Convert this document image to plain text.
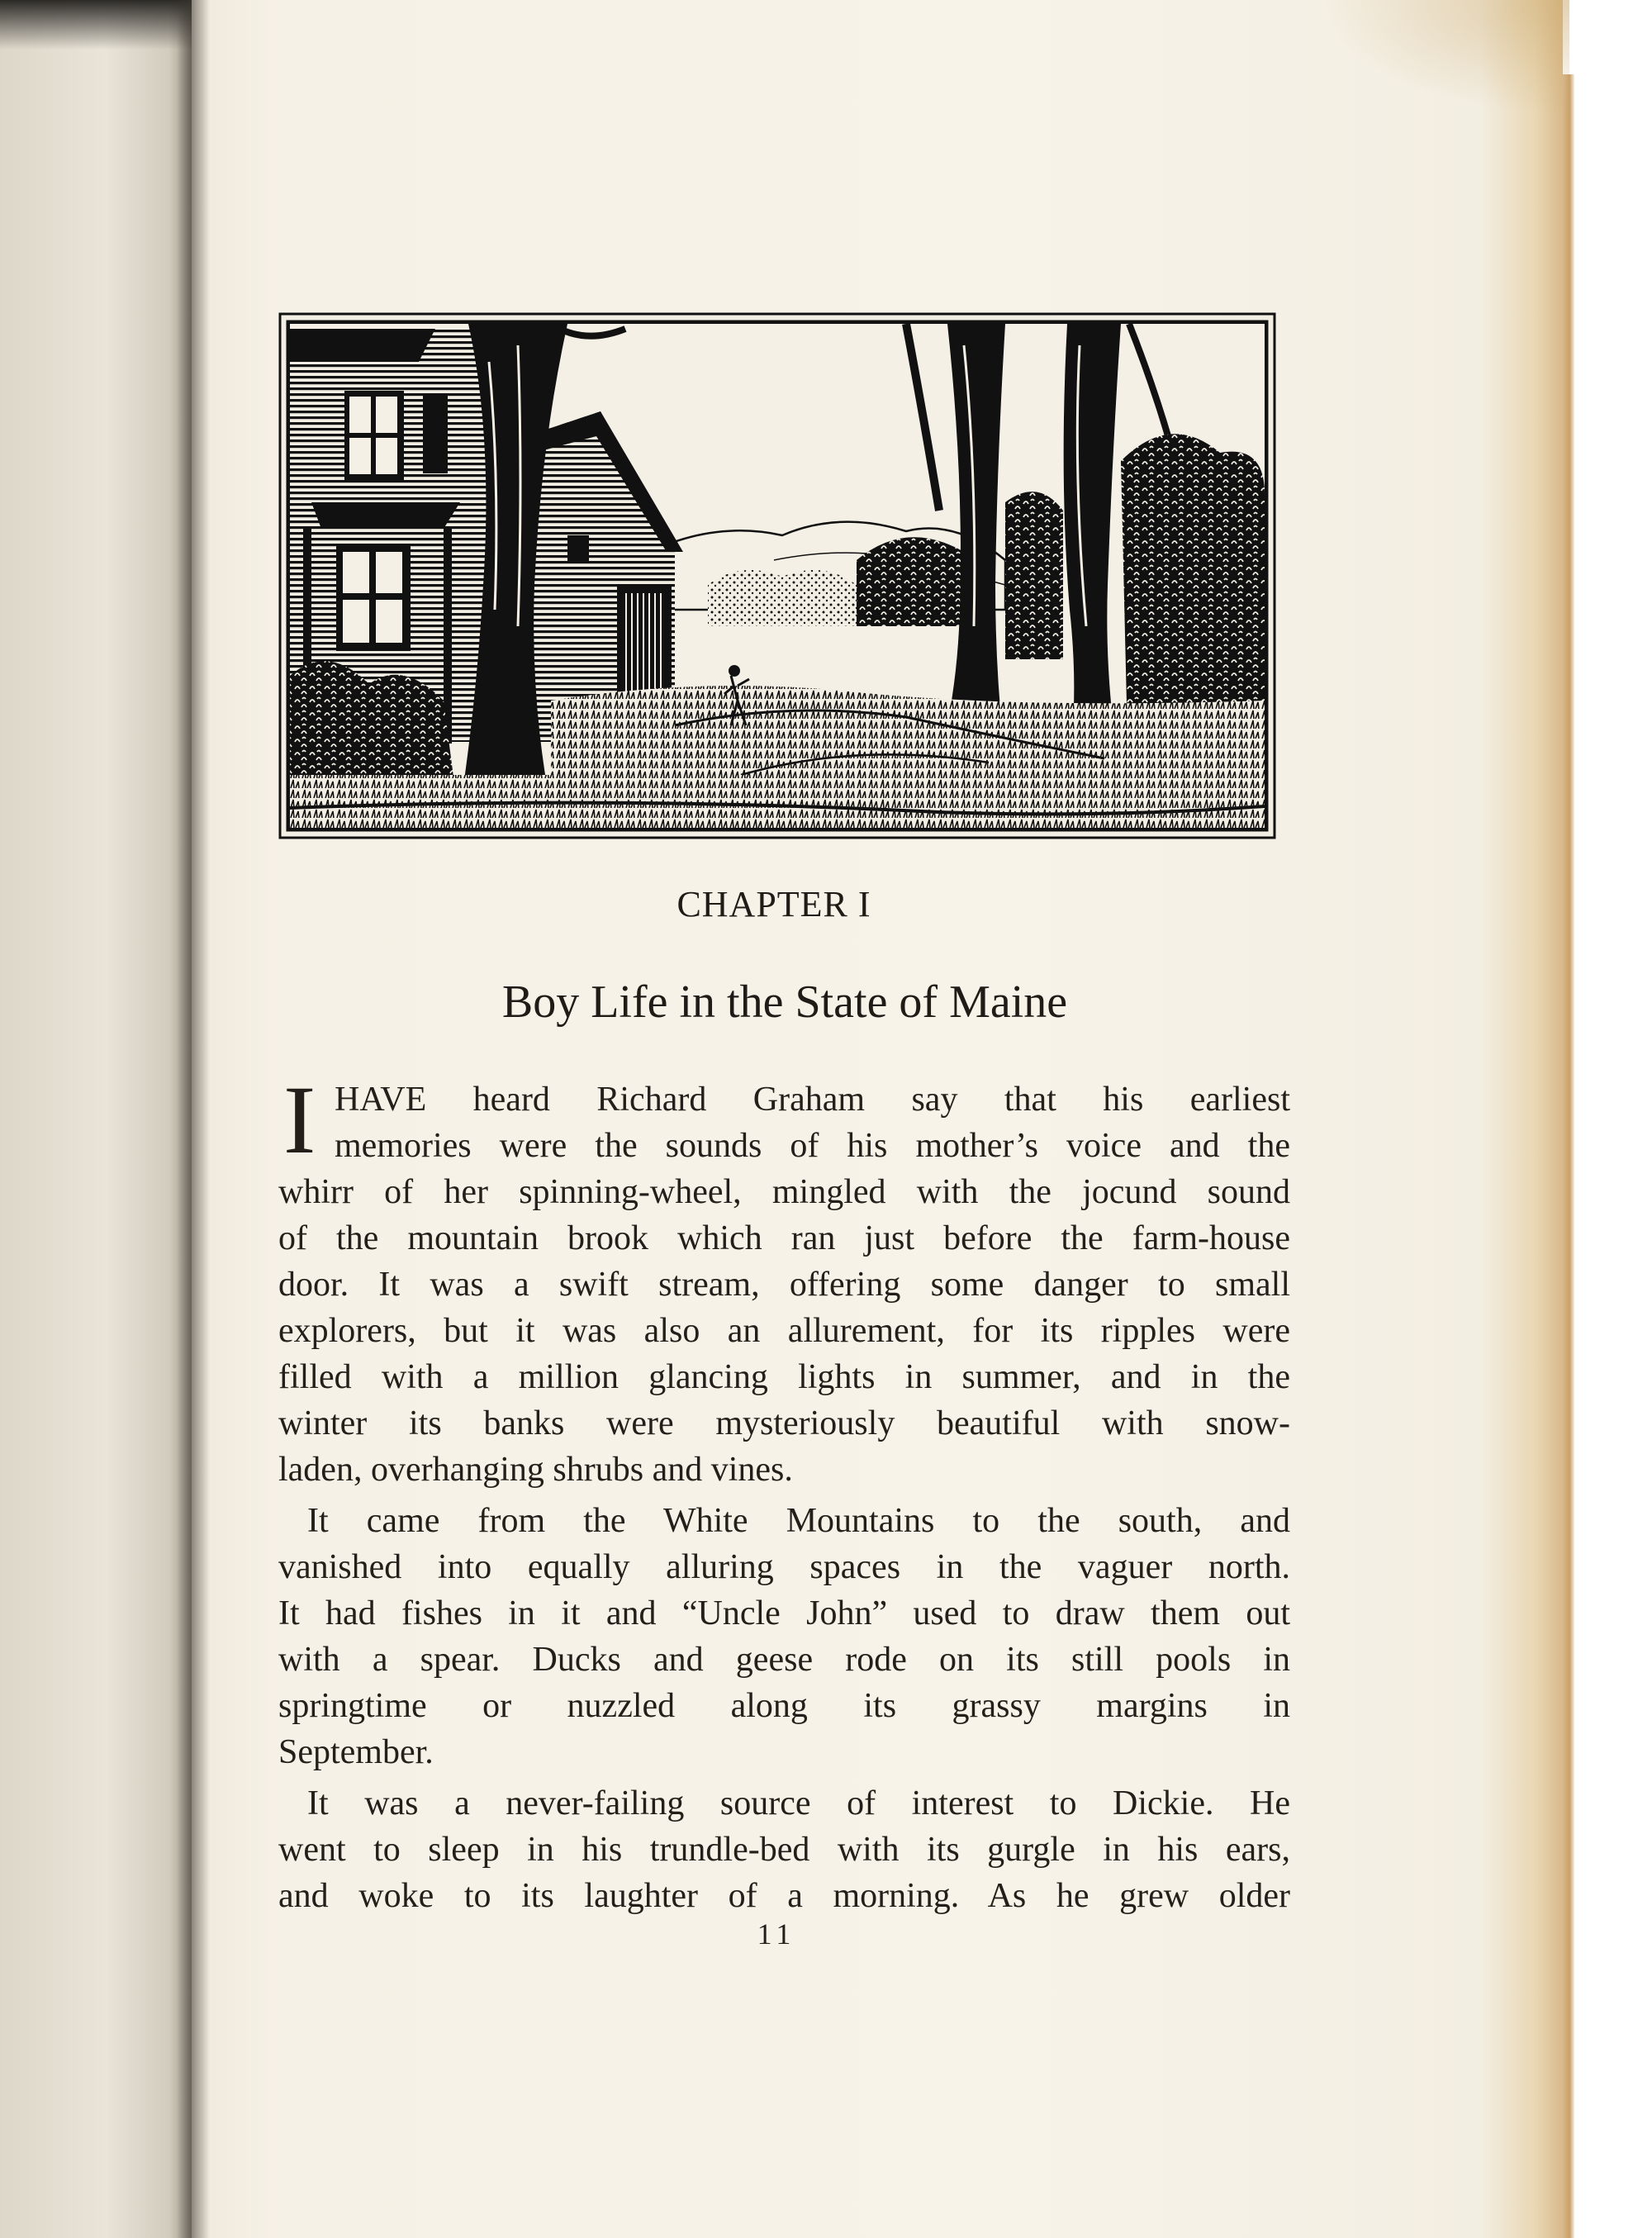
CHAPTER I
Boy Life in the State of Maine
I HAVE heard Richard Graham say that his earliest
memories were the sounds of his mother’s voice and the
whirr of her spinning-wheel, mingled with the jocund sound
of the mountain brook which ran just before the farm-house
door. It was a swift stream, offering some danger to small
explorers, but it was also an allurement, for its ripples were
filled with a million glancing lights in summer, and in the
winter its banks were mysteriously beautiful with snow-
laden, overhanging shrubs and vines.
It came from the White Mountains to the south, and
vanished into equally alluring spaces in the vaguer north.
It had fishes in it and “Uncle John” used to draw them out
with a spear. Ducks and geese rode on its still pools in
springtime or nuzzled along its grassy margins in
September.
It was a never-failing source of interest to Dickie. He
went to sleep in his trundle-bed with its gurgle in his ears,
and woke to its laughter of a morning. As he grew older
11
